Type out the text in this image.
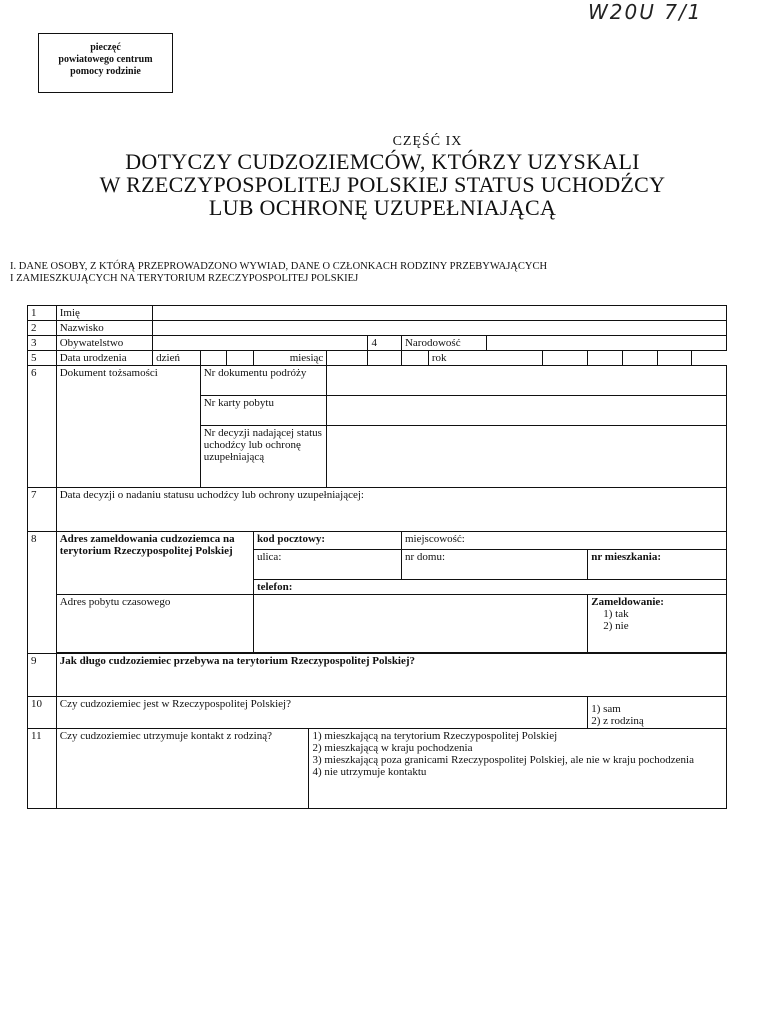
W20U 7/1
pieczęć
powiatowego centrum
pomocy rodzinie
CZĘŚĆ IX
DOTYCZY CUDZOZIEMCÓW, KTÓRZY UZYSKALI
W RZECZYPOSPOLITEJ POLSKIEJ STATUS UCHODŹCY
LUB OCHRONĘ UZUPEŁNIAJĄCĄ
I. DANE OSOBY, Z KTÓRĄ PRZEPROWADZONO WYWIAD, DANE O CZŁONKACH RODZINY PRZEBYWAJĄCYCH
I ZAMIESZKUJĄCYCH NA TERYTORIUM RZECZYPOSPOLITEJ POLSKIEJ
1	Imię														
2	Nazwisko														
3	Obywatelstwo							4	Narodowość						
5	Data urodzenia	dzień			miesiąc					rok					
6	Dokument tożsamości		Nr dokumentu podróży												
			Nr karty pobytu												
			Nr decyzji nadającej status uchodźcy lub ochronę uzupełniającą												
7	Data decyzji o nadaniu statusu uchodźcy lub ochrony uzupełniającej:														
8	Adres zameldowania cudzoziemca na terytorium Rzeczypospolitej Polskiej				kod pocztowy:				miejscowość:						
					ulica:				nr domu:				nr mieszkania:		
					telefon:										
	Adres pobytu czasowego												Zameldowanie:
1) tak
2) nie		

9	Jak długo cudzoziemiec przebywa na terytorium Rzeczypospolitej Polskiej?														
10	Czy cudzoziemiec jest w Rzeczypospolitej Polskiej?												1) sam
2) z rodziną		

11	Czy cudzoziemiec utrzymuje kontakt z rodziną?					1) mieszkającą na terytorium Rzeczypospolitej Polskiej
2) mieszkającą w kraju pochodzenia
3) mieszkającą poza granicami Rzeczypospolitej Polskiej, ale nie w kraju pochodzenia
4) nie utrzymuje kontaktu									
